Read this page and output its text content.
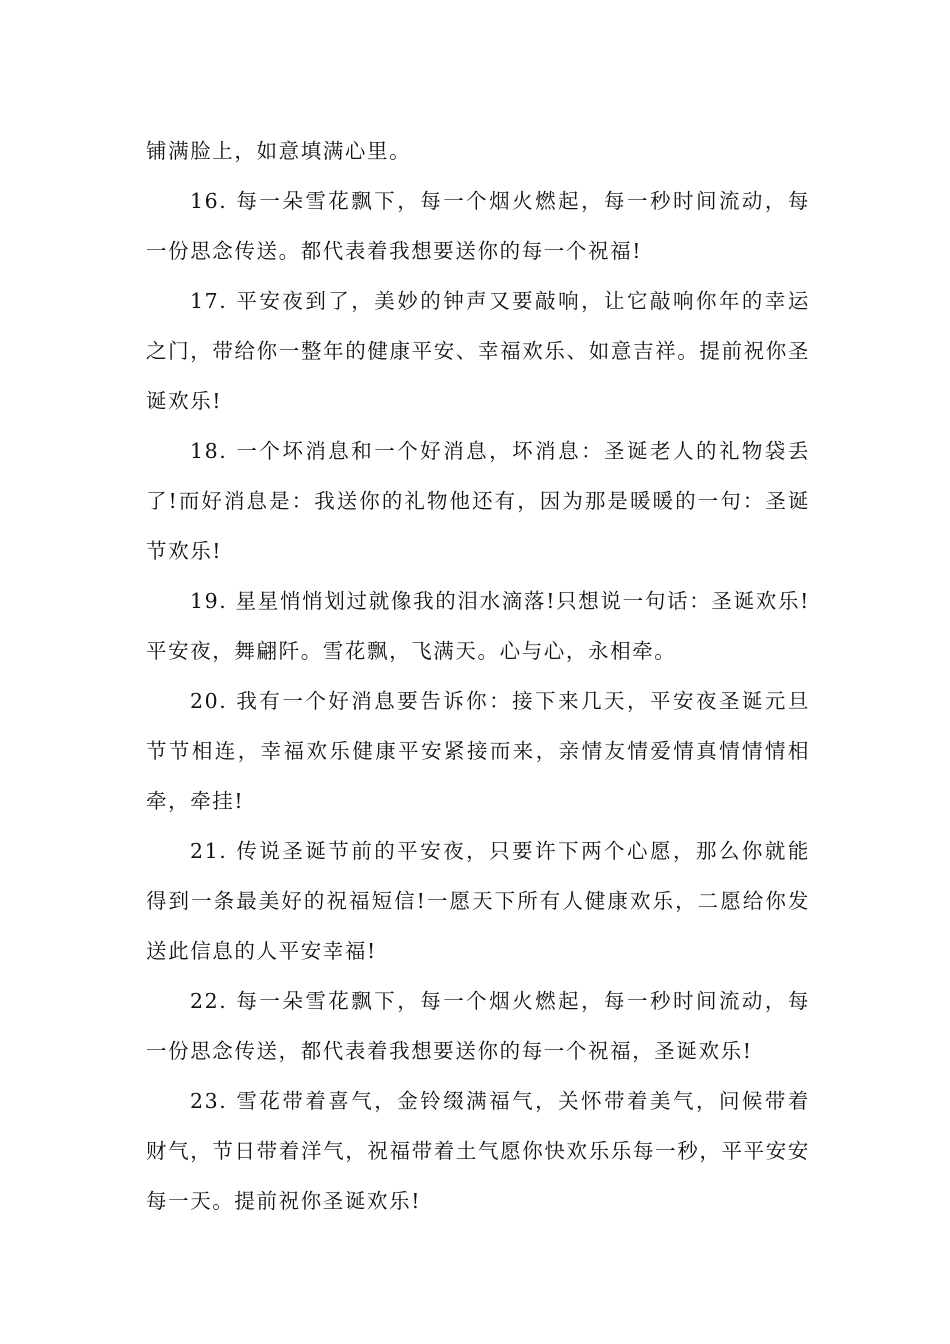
铺满脸上，如意填满心里。

16. 每一朵雪花飘下，每一个烟火燃起，每一秒时间流动，每一份思念传送。都代表着我想要送你的每一个祝福!

17. 平安夜到了，美妙的钟声又要敲响，让它敲响你年的幸运之门，带给你一整年的健康平安、幸福欢乐、如意吉祥。提前祝你圣诞欢乐!

18. 一个坏消息和一个好消息，坏消息：圣诞老人的礼物袋丢了!而好消息是：我送你的礼物他还有，因为那是暖暖的一句：圣诞节欢乐!

19. 星星悄悄划过就像我的泪水滴落!只想说一句话：圣诞欢乐!平安夜，舞翩阡。雪花飘，飞满天。心与心，永相牵。

20. 我有一个好消息要告诉你：接下来几天，平安夜圣诞元旦节节相连，幸福欢乐健康平安紧接而来，亲情友情爱情真情情情相牵，牵挂!

21. 传说圣诞节前的平安夜，只要许下两个心愿，那么你就能得到一条最美好的祝福短信!一愿天下所有人健康欢乐，二愿给你发送此信息的人平安幸福!

22. 每一朵雪花飘下，每一个烟火燃起，每一秒时间流动，每一份思念传送，都代表着我想要送你的每一个祝福，圣诞欢乐!

23. 雪花带着喜气，金铃缀满福气，关怀带着美气，问候带着财气，节日带着洋气，祝福带着土气愿你快欢乐乐每一秒，平平安安每一天。提前祝你圣诞欢乐!
